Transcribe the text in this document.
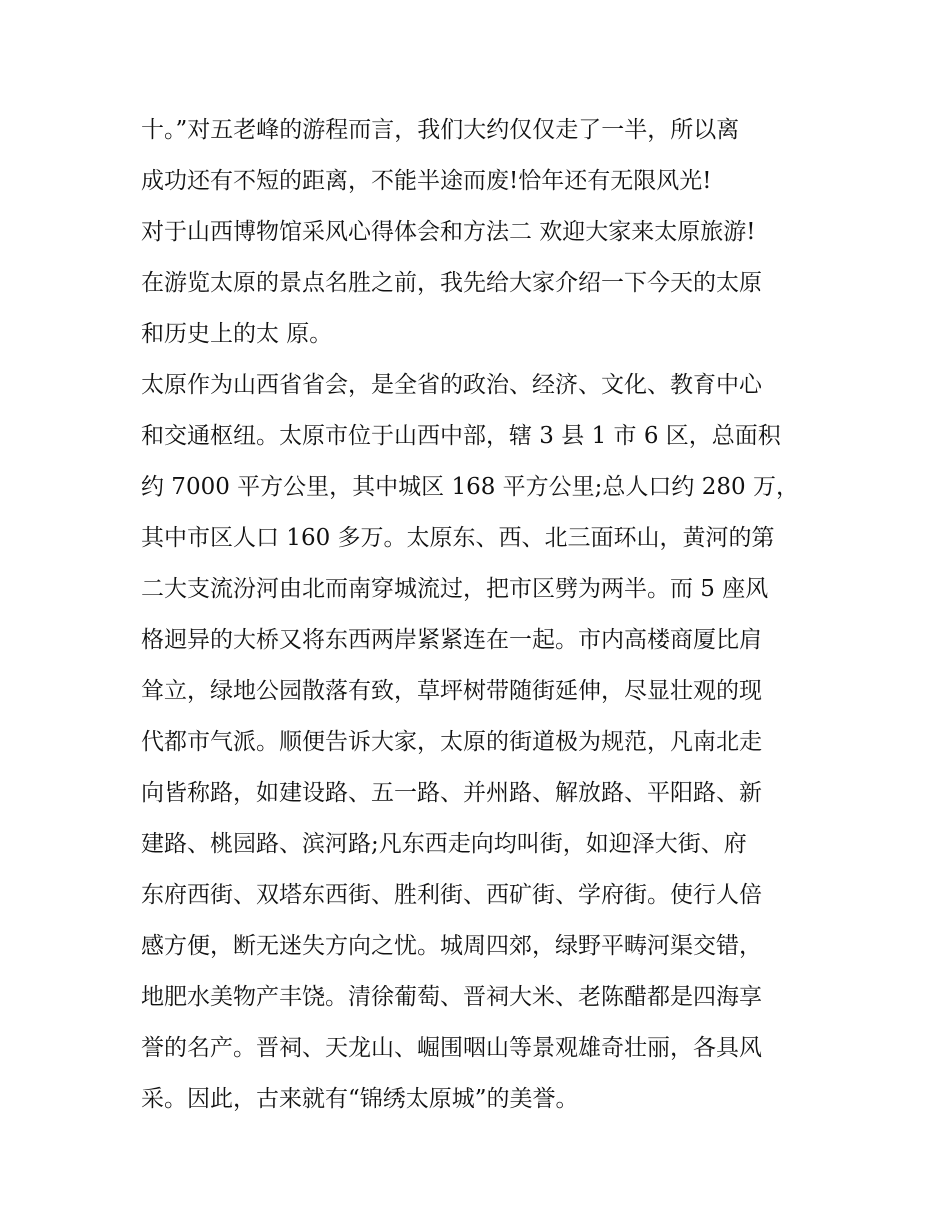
十。”对五老峰的游程而言，我们大约仅仅走了一半，所以离

成功还有不短的距离，不能半途而废!恰年还有无限风光!

对于山西博物馆采风心得体会和方法二 欢迎大家来太原旅游!

在游览太原的景点名胜之前，我先给大家介绍一下今天的太原

和历史上的太 原。

太原作为山西省省会，是全省的政治、经济、文化、教育中心

和交通枢纽。太原市位于山西中部，辖 3 县 1 市 6 区，总面积

约 7000 平方公里，其中城区 168 平方公里;总人口约 280 万，

其中市区人口 160 多万。太原东、西、北三面环山，黄河的第

二大支流汾河由北而南穿城流过，把市区劈为两半。而 5 座风

格迥异的大桥又将东西两岸紧紧连在一起。市内高楼商厦比肩

耸立，绿地公园散落有致，草坪树带随街延伸，尽显壮观的现

代都市气派。顺便告诉大家，太原的街道极为规范，凡南北走

向皆称路，如建设路、五一路、并州路、解放路、平阳路、新

建路、桃园路、滨河路;凡东西走向均叫街，如迎泽大街、府

东府西街、双塔东西街、胜利街、西矿街、学府街。使行人倍

感方便，断无迷失方向之忧。城周四郊，绿野平畴河渠交错，

地肥水美物产丰饶。清徐葡萄、晋祠大米、老陈醋都是四海享

誉的名产。晋祠、天龙山、崛围咽山等景观雄奇壮丽，各具风

采。因此，古来就有“锦绣太原城”的美誉。
